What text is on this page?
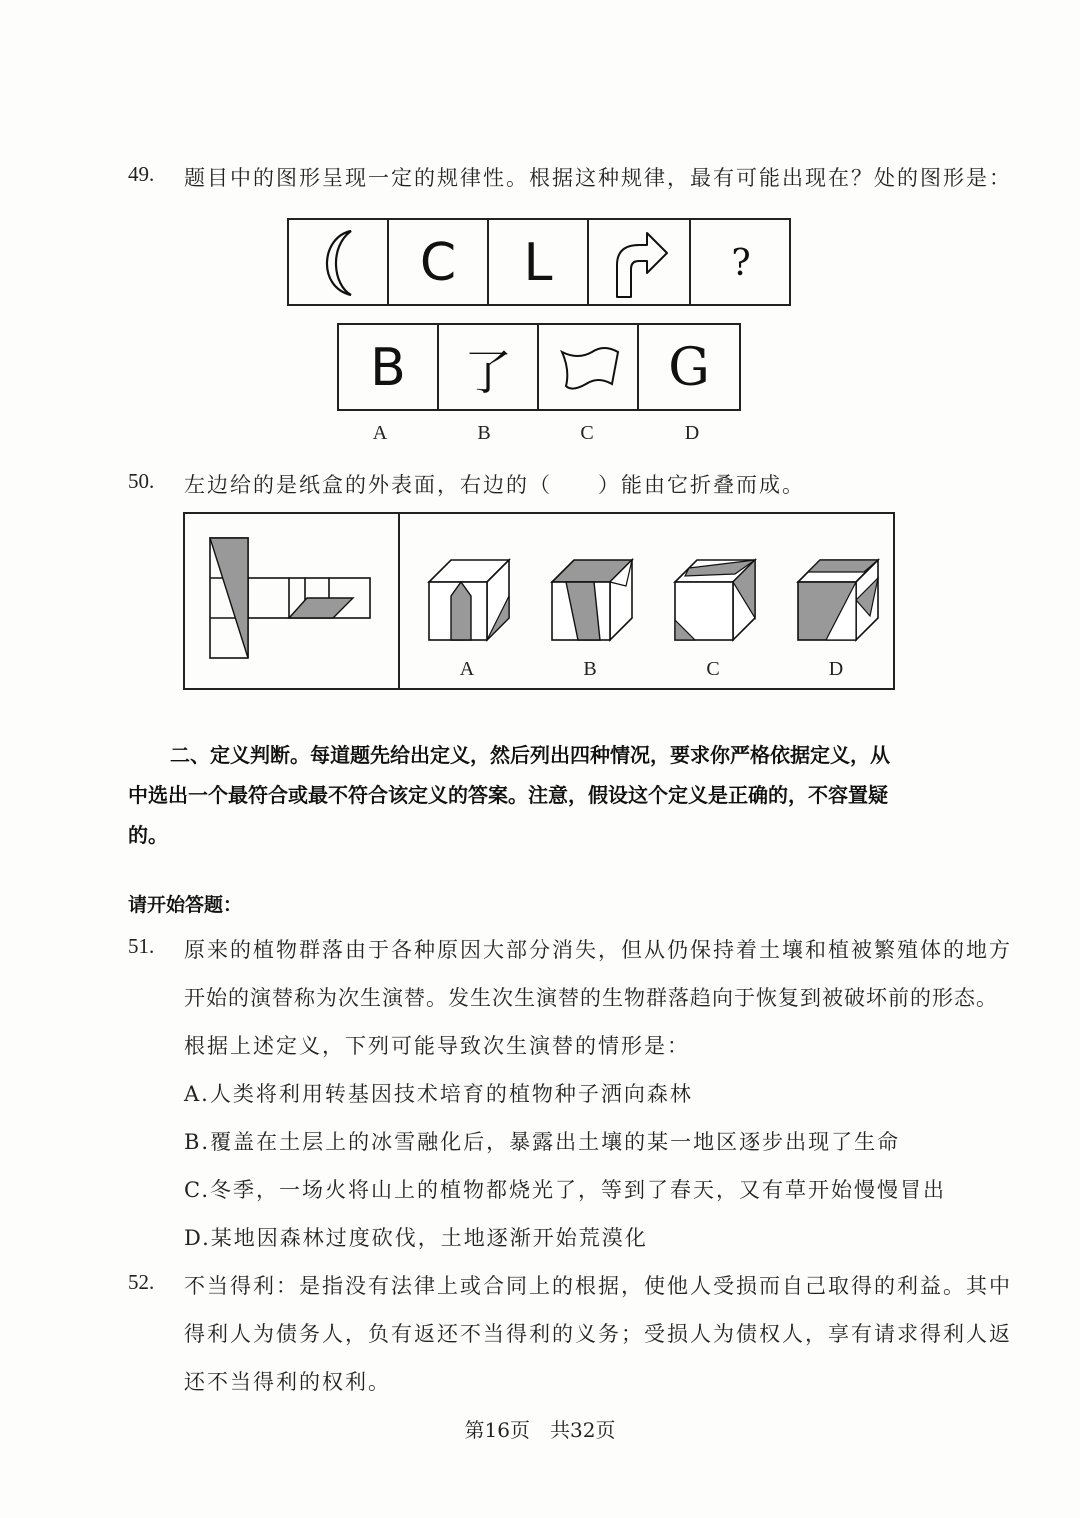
49. 题目中的图形呈现一定的规律性。根据这种规律，最有可能出现在？处的图形是：
C L	?
B 了	G
A	B	C	D
50. 左边给的是纸盒的外表面，右边的（　　）能由它折叠而成。
A	B	C	D
二、定义判断。每道题先给出定义，然后列出四种情况，要求你严格依据定义，从
中选出一个最符合或最不符合该定义的答案。注意，假设这个定义是正确的，不容置疑
的。
请开始答题：
51. 原来的植物群落由于各种原因大部分消失，但从仍保持着土壤和植被繁殖体的地方
开始的演替称为次生演替。发生次生演替的生物群落趋向于恢复到被破坏前的形态。
根据上述定义，下列可能导致次生演替的情形是：
A.人类将利用转基因技术培育的植物种子洒向森林
B.覆盖在土层上的冰雪融化后，暴露出土壤的某一地区逐步出现了生命
C.冬季，一场火将山上的植物都烧光了，等到了春天，又有草开始慢慢冒出
D.某地因森林过度砍伐，土地逐渐开始荒漠化
52. 不当得利：是指没有法律上或合同上的根据，使他人受损而自己取得的利益。其中
得利人为债务人，负有返还不当得利的义务；受损人为债权人，享有请求得利人返
还不当得利的权利。
第16页　共32页
